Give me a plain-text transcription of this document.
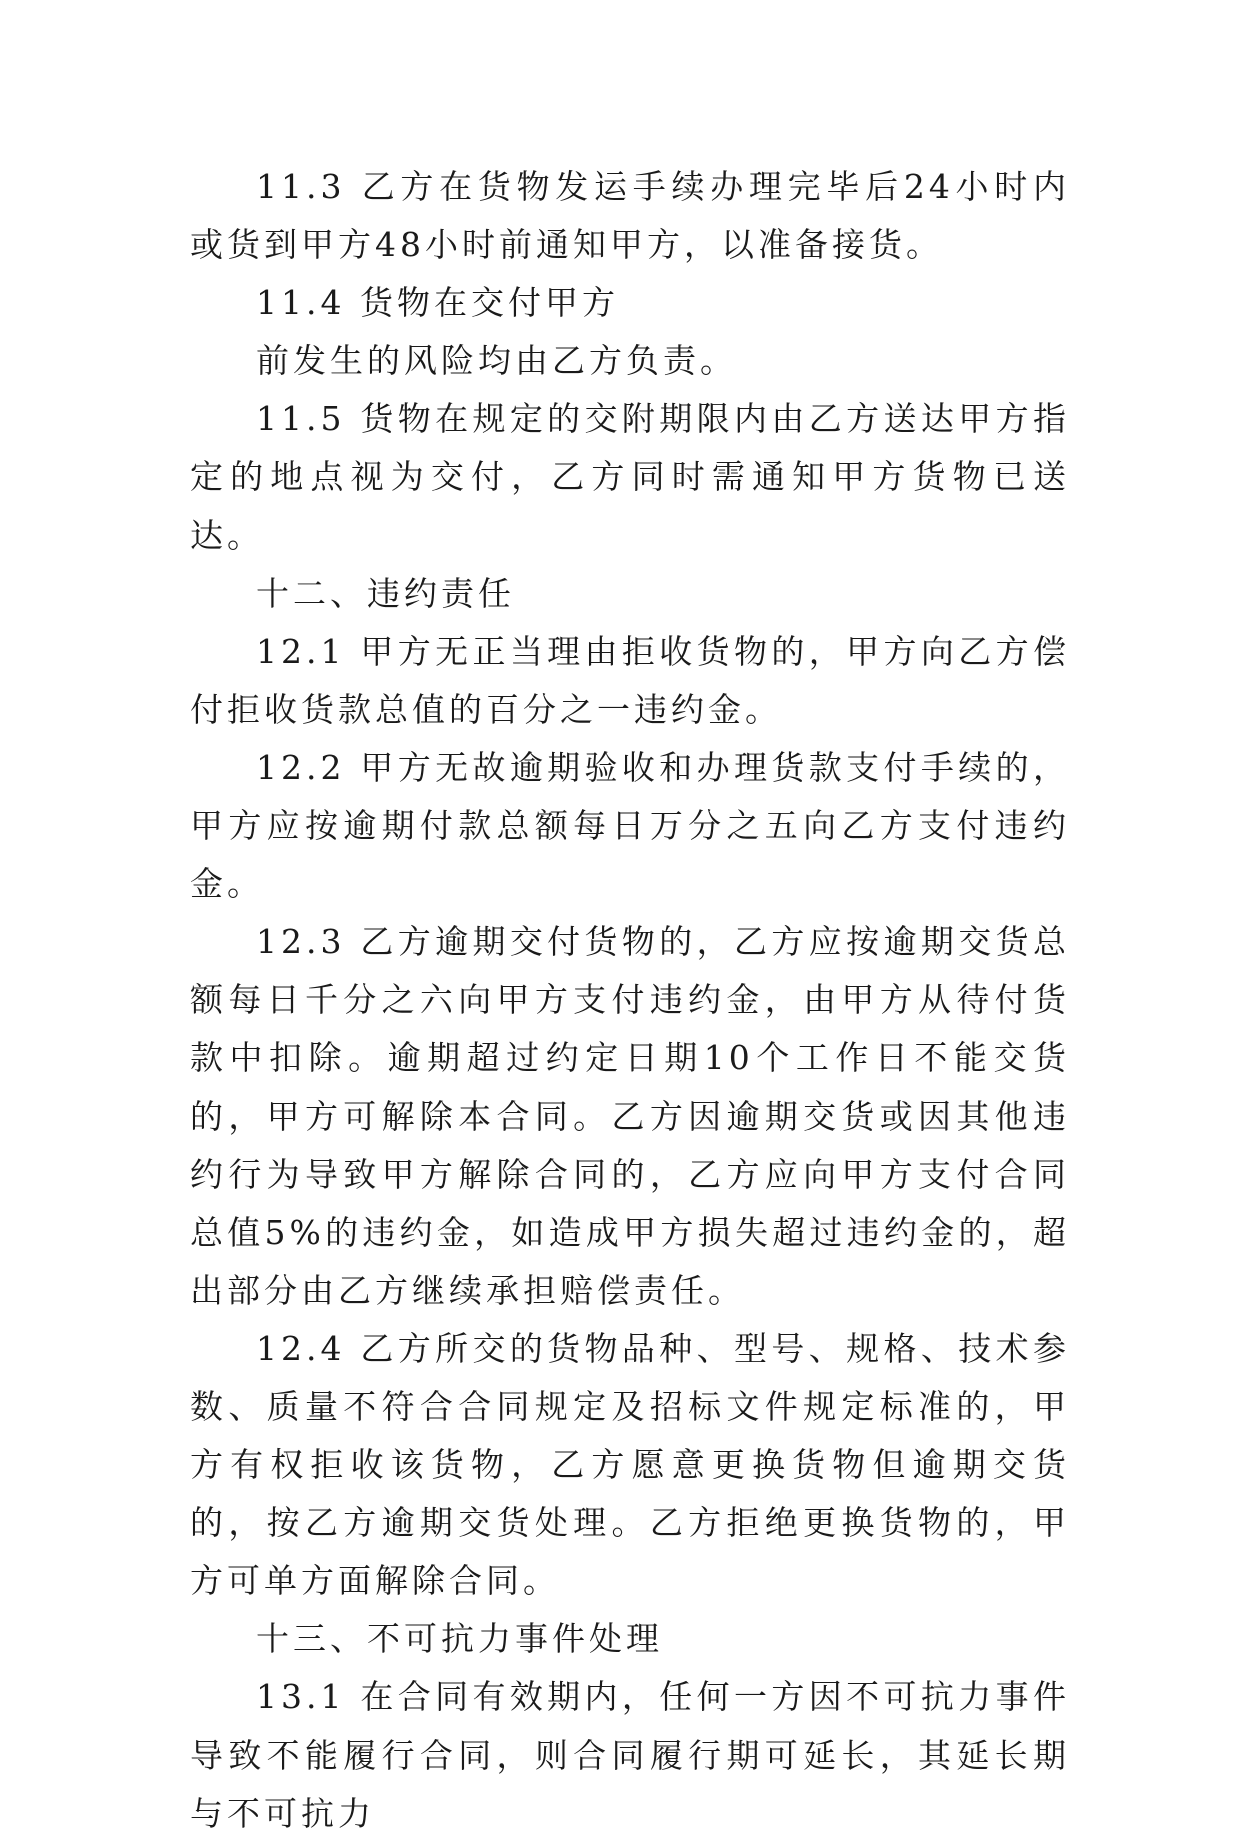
11.3 乙方在货物发运手续办理完毕后24小时内或货到甲方48小时前通知甲方，以准备接货。

11.4 货物在交付甲方

前发生的风险均由乙方负责。

11.5 货物在规定的交附期限内由乙方送达甲方指定的地点视为交付，乙方同时需通知甲方货物已送达。

十二、违约责任

12.1 甲方无正当理由拒收货物的，甲方向乙方偿付拒收货款总值的百分之一违约金。

12.2 甲方无故逾期验收和办理货款支付手续的，甲方应按逾期付款总额每日万分之五向乙方支付违约金。

12.3 乙方逾期交付货物的，乙方应按逾期交货总额每日千分之六向甲方支付违约金，由甲方从待付货款中扣除。逾期超过约定日期10个工作日不能交货的，甲方可解除本合同。乙方因逾期交货或因其他违约行为导致甲方解除合同的，乙方应向甲方支付合同总值5%的违约金，如造成甲方损失超过违约金的，超出部分由乙方继续承担赔偿责任。

12.4 乙方所交的货物品种、型号、规格、技术参数、质量不符合合同规定及招标文件规定标准的，甲方有权拒收该货物，乙方愿意更换货物但逾期交货的，按乙方逾期交货处理。乙方拒绝更换货物的，甲方可单方面解除合同。

十三、不可抗力事件处理

13.1 在合同有效期内，任何一方因不可抗力事件导致不能履行合同，则合同履行期可延长，其延长期与不可抗力
